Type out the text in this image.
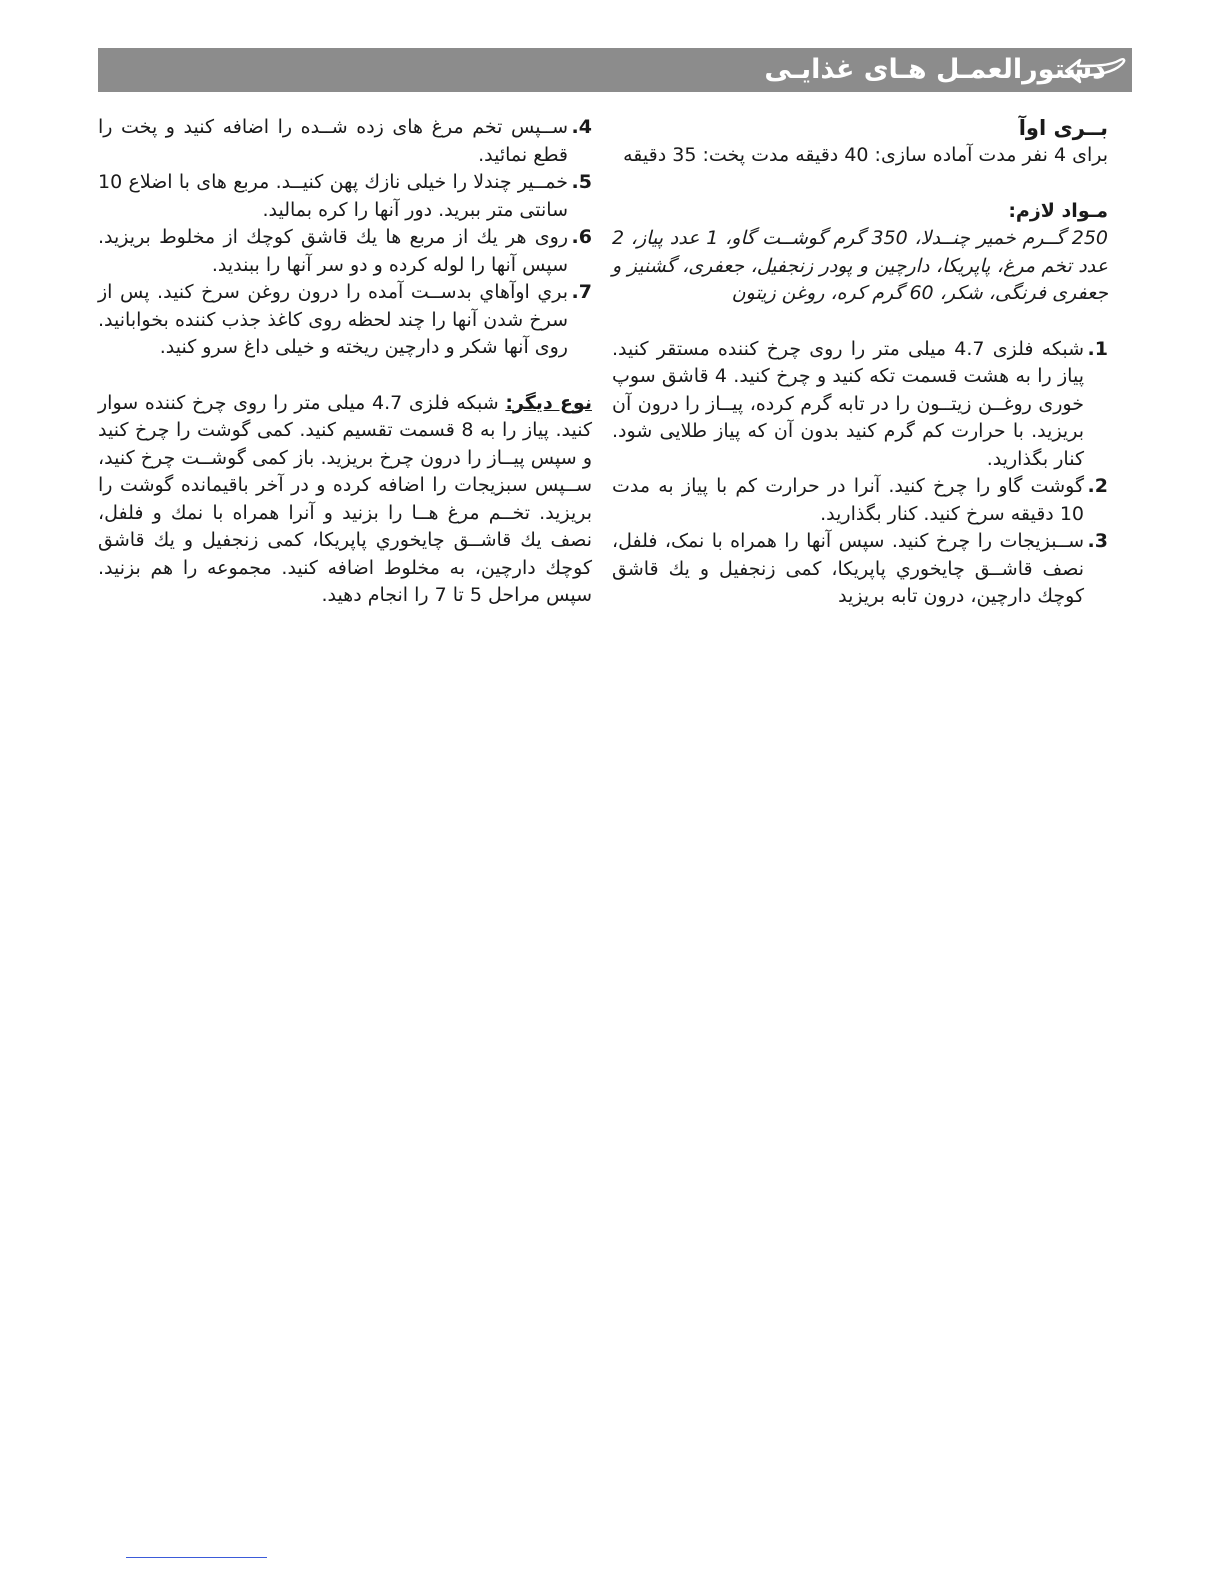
دستورالعمـل هـای غذایـی

بــری اوآ

برای 4 نفر مدت آماده سازی: 40 دقیقه مدت پخت: 35 دقیقه

مـواد لازم:

250 گــرم خمیر چنــدلا، 350 گرم گوشــت گاو، 1 عدد پیاز، 2 عدد تخم مرغ، پاپریکا، دارچین و پودر زنجفیل، جعفری، گشنیز و جعفری فرنگی، شکر، 60 گرم کره، روغن زیتون

1.
شبکه فلزی 4.7 میلی متر را روی چرخ کننده مستقر کنید. پیاز را به هشت قسمت تکه کنید و چرخ کنید. 4 قاشق سوپ خوری روغــن زیتــون را در تابه گرم کرده، پیــاز را درون آن بریزید. با حرارت کم گرم کنید بدون آن که پیاز طلایی شود. کنار بگذارید.
2.
گوشت گاو را چرخ کنید. آنرا در حرارت کم با پیاز به مدت 10 دقیقه سرخ کنید. کنار بگذارید.
3.
ســبزیجات را چرخ کنید. سپس آنها را همراه با نمک، فلفل، نصف قاشــق چایخوري پاپریکا، کمی زنجفیل و یك قاشق کوچك دارچین، درون تابه بریزید
4.
ســپس تخم مرغ های زده شــده را اضافه کنید و پخت را قطع نمائید.
5.
خمــیر چندلا را خیلی نازك پهن کنیــد. مربع های با اضلاع 10 سانتی متر ببرید. دور آنها را کره بمالید.
6.
روی هر یك از مربع ها یك قاشق کوچك از مخلوط بریزید. سپس آنها را لوله کرده و دو سر آنها را ببندید.
7.
بري اوآهاي بدســت آمده را درون روغن سرخ کنید. پس از سرخ شدن آنها را چند لحظه روی کاغذ جذب کننده بخوابانید. روی آنها شکر و دارچین ریخته و خیلی داغ سرو کنید.

نوع دیگر: شبکه فلزی 4.7 میلی متر را روی چرخ کننده سوار کنید. پیاز را به 8 قسمت تقسیم کنید. کمی گوشت را چرخ کنید و سپس پیــاز را درون چرخ بریزید. باز کمی گوشــت چرخ کنید، ســپس سبزیجات را اضافه کرده و در آخر باقیمانده گوشت را بریزید. تخــم مرغ هــا را بزنید و آنرا همراه با نمك و فلفل، نصف یك قاشــق چایخوري پاپریکا، کمی زنجفیل و یك قاشق کوچك دارچین، به مخلوط اضافه کنید. مجموعه را هم بزنید. سپس مراحل 5 تا 7 را انجام دهید.
